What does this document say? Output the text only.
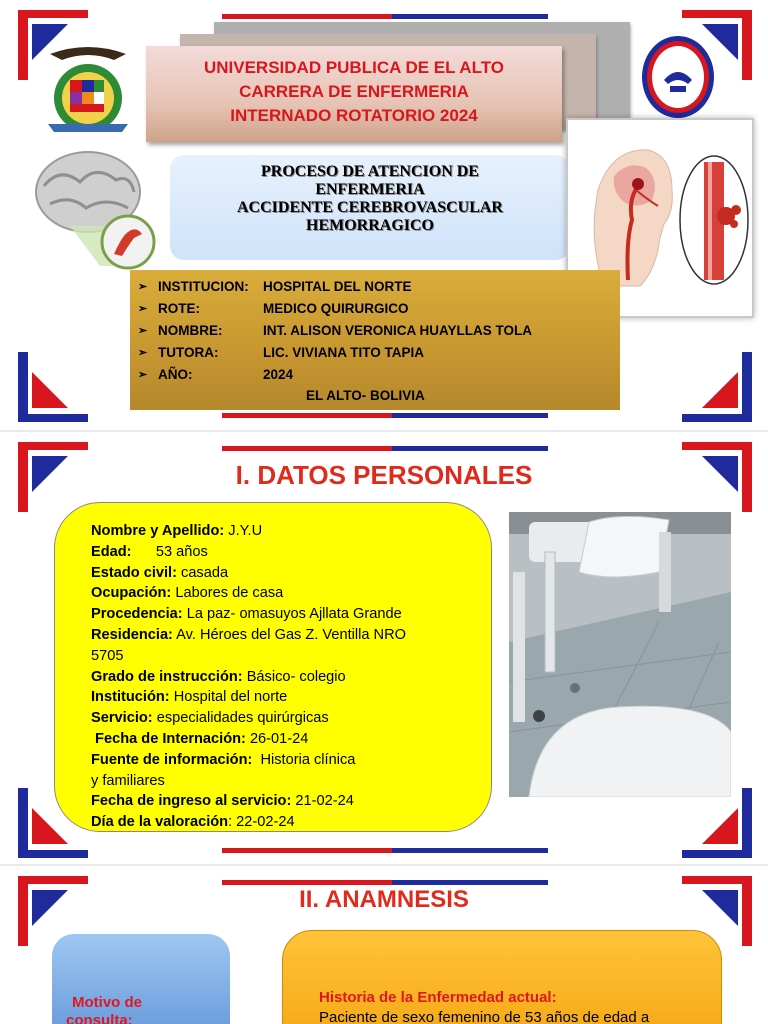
UNIVERSIDAD PUBLICA DE EL ALTO
CARRERA DE ENFERMERIA
INTERNADO ROTATORIO 2024
PROCESO DE ATENCION DE
ENFERMERIA
ACCIDENTE CEREBROVASCULAR
HEMORRAGICO
➢ INSTITUCION:	HOSPITAL DEL NORTE
➢ ROTE:	MEDICO QUIRURGICO
➢ NOMBRE:	INT. ALISON VERONICA HUAYLLAS TOLA
➢ TUTORA:	LIC. VIVIANA TITO TAPIA
➢ AÑO:	2024
EL ALTO- BOLIVIA
I. DATOS PERSONALES
Nombre y Apellido: J.Y.U
Edad:      53 años
Estado civil: casada
Ocupación: Labores de casa
Procedencia: La paz- omasuyos Ajllata Grande
Residencia: Av. Héroes del Gas Z. Ventilla NRO
5705
Grado de instrucción: Básico- colegio
Institución: Hospital del norte
Servicio: especialidades quirúrgicas
Fecha de Internación: 26-01-24
Fuente de información:  Historia clínica
y familiares
Fecha de ingreso al servicio: 21-02-24
Día de la valoración: 22-02-24
II. ANAMNESIS
Motivo de
consulta:
Historia de la Enfermedad actual:
Paciente de sexo femenino de 53 años de edad a
